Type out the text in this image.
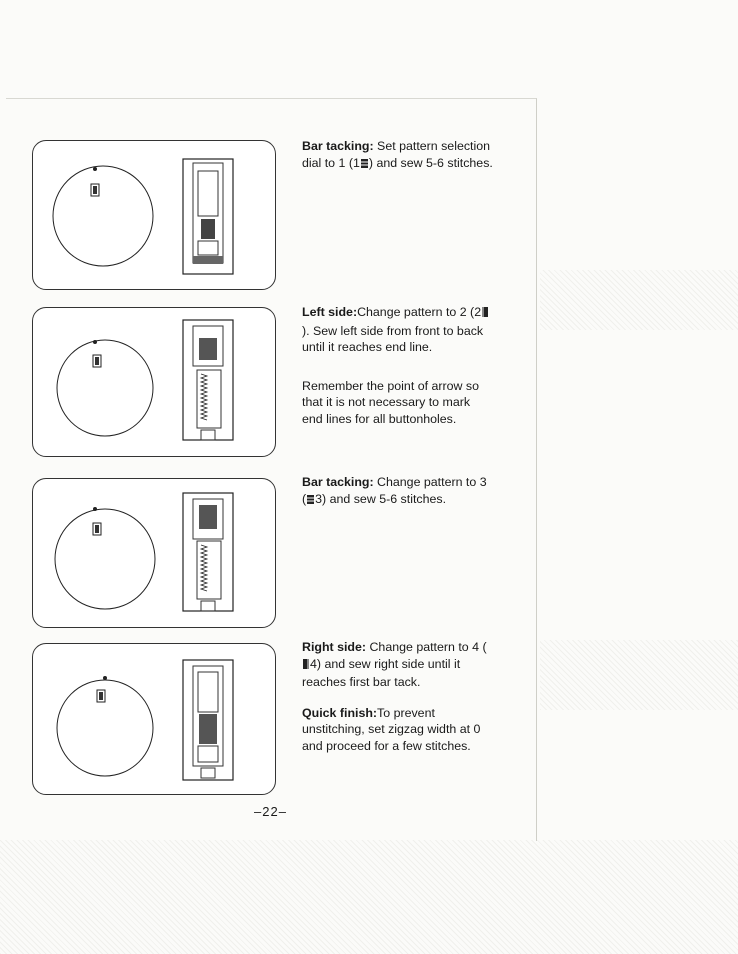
Bar tacking: Set pattern selection dial to 1 (1 ) and sew 5-6 stitches.

Left side:Change pattern to 2 (2). Sew left side from front to back until it reaches end line.

Remember the point of arrow so that it is not necessary to mark end lines for all buttonholes.

Bar tacking: Change pattern to 3 ( 3) and sew 5-6 stitches.

Right side: Change pattern to 4 (4) and sew right side until it reaches first bar tack.

Quick finish:To prevent unstitching, set zigzag width at 0 and proceed for a few stitches.

–22–
